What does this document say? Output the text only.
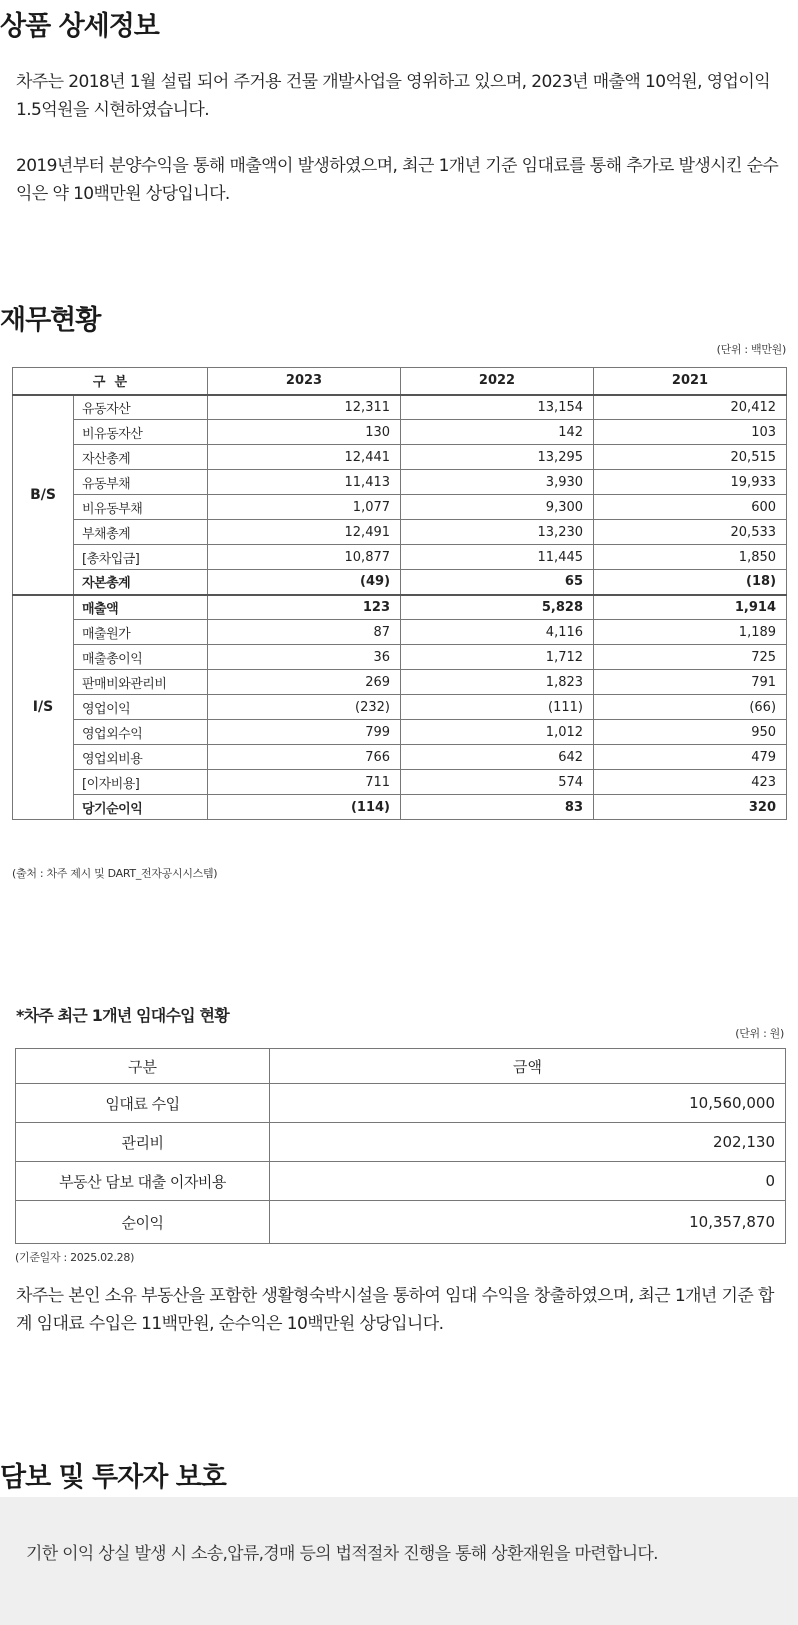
상품 상세정보

차주는 2018년 1월 설립 되어 주거용 건물 개발사업을 영위하고 있으며, 2023년 매출액 10억원, 영업이익 1.5억원을 시현하였습니다.

2019년부터 분양수익을 통해 매출액이 발생하였으며, 최근 1개년 기준 임대료를 통해 추가로 발생시킨 순수익은 약 10백만원 상당입니다.

재무현황
(단위 : 백만원)
구  분		2023	2022	2021
B/S	유동자산	12,311	13,154	20,412
	비유동자산	130	142	103
	자산총계	12,441	13,295	20,515
	유동부채	11,413	3,930	19,933
	비유동부채	1,077	9,300	600
	부채총계	12,491	13,230	20,533
	[총차입금]	10,877	11,445	1,850
	자본총계	(49)	65	(18)
I/S	매출액	123	5,828	1,914
	매출원가	87	4,116	1,189
	매출총이익	36	1,712	725
	판매비와관리비	269	1,823	791
	영업이익	(232)	(111)	(66)
	영업외수익	799	1,012	950
	영업외비용	766	642	479
	[이자비용]	711	574	423
	당기순이익	(114)	83	320
(출처 : 차주 제시 및 DART_전자공시시스템)
*차주 최근 1개년 임대수입 현황
(단위 : 원)
구분	금액
임대료 수입	10,560,000
관리비	202,130
부동산 담보 대출 이자비용	0
순이익	10,357,870
(기준일자 : 2025.02.28)

차주는 본인 소유 부동산을 포함한 생활형숙박시설을 통하여 임대 수익을 창출하였으며, 최근 1개년 기준 합계 임대료 수입은 11백만원, 순수익은 10백만원 상당입니다.

담보 및 투자자 보호

기한 이익 상실 발생 시 소송,압류,경매 등의 법적절차 진행을 통해 상환재원을 마련합니다.
